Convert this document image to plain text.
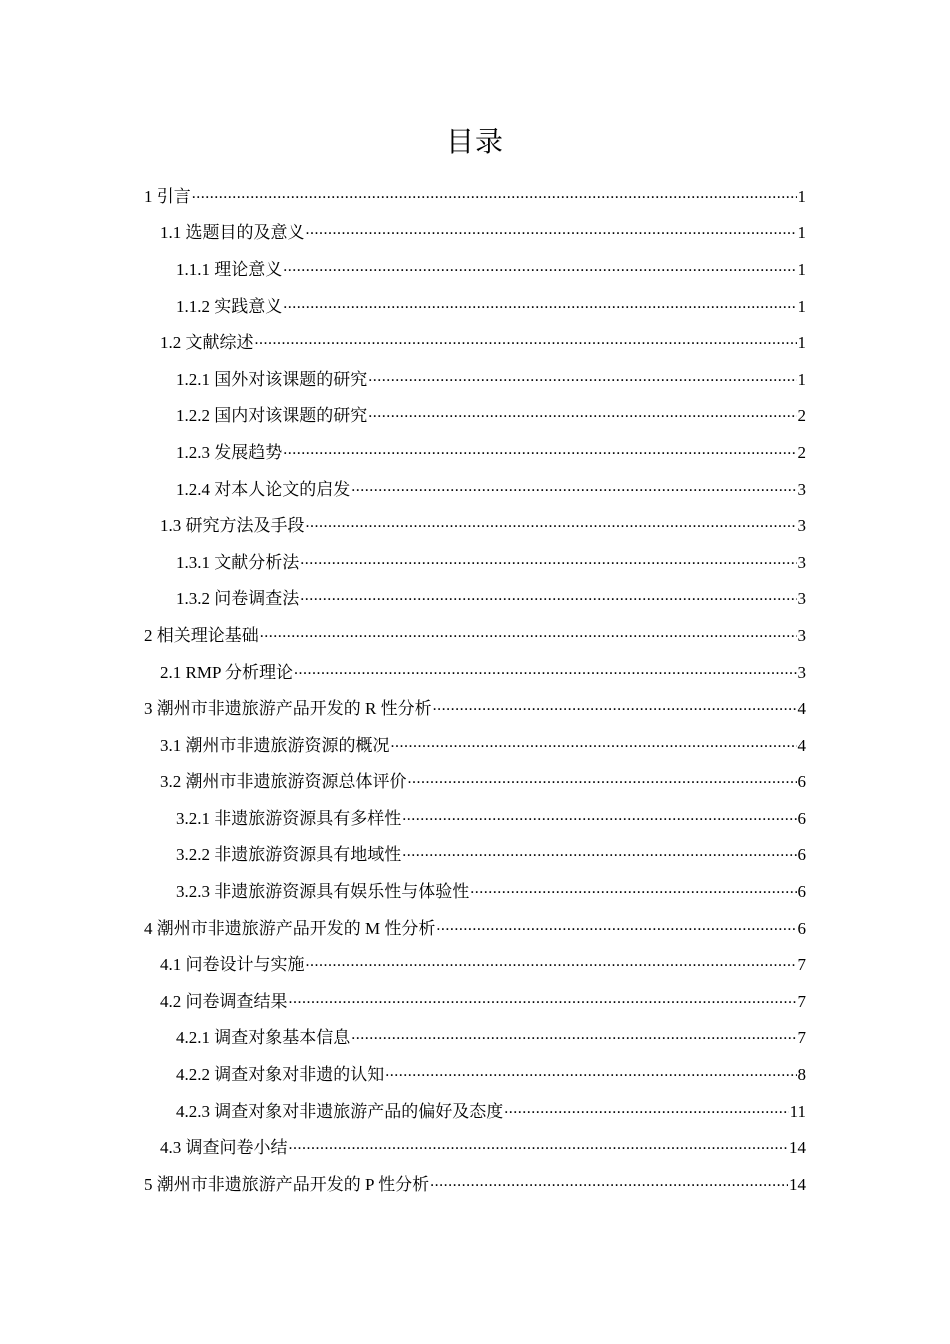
目录
1 引言 .....	1
1.1 选题目的及意义 .....	1
1.1.1 理论意义 .....	1
1.1.2 实践意义 .....	1
1.2 文献综述 .....	1
1.2.1 国外对该课题的研究 .....	1
1.2.2 国内对该课题的研究 .....	2
1.2.3 发展趋势 .....	2
1.2.4 对本人论文的启发 .....	3
1.3 研究方法及手段 .....	3
1.3.1 文献分析法 .....	3
1.3.2 问卷调查法 .....	3
2 相关理论基础 .....	3
2.1 RMP 分析理论 .....	3
3 潮州市非遗旅游产品开发的 R 性分析 .....	4
3.1 潮州市非遗旅游资源的概况 .....	4
3.2 潮州市非遗旅游资源总体评价 .....	6
3.2.1 非遗旅游资源具有多样性 .....	6
3.2.2 非遗旅游资源具有地域性 .....	6
3.2.3 非遗旅游资源具有娱乐性与体验性 .....	6
4 潮州市非遗旅游产品开发的 M 性分析 .....	6
4.1 问卷设计与实施 .....	7
4.2 问卷调查结果 .....	7
4.2.1 调查对象基本信息 .....	7
4.2.2 调查对象对非遗的认知 .....	8
4.2.3 调查对象对非遗旅游产品的偏好及态度 .....	11
4.3 调查问卷小结 .....	14
5 潮州市非遗旅游产品开发的 P 性分析 .....	14
